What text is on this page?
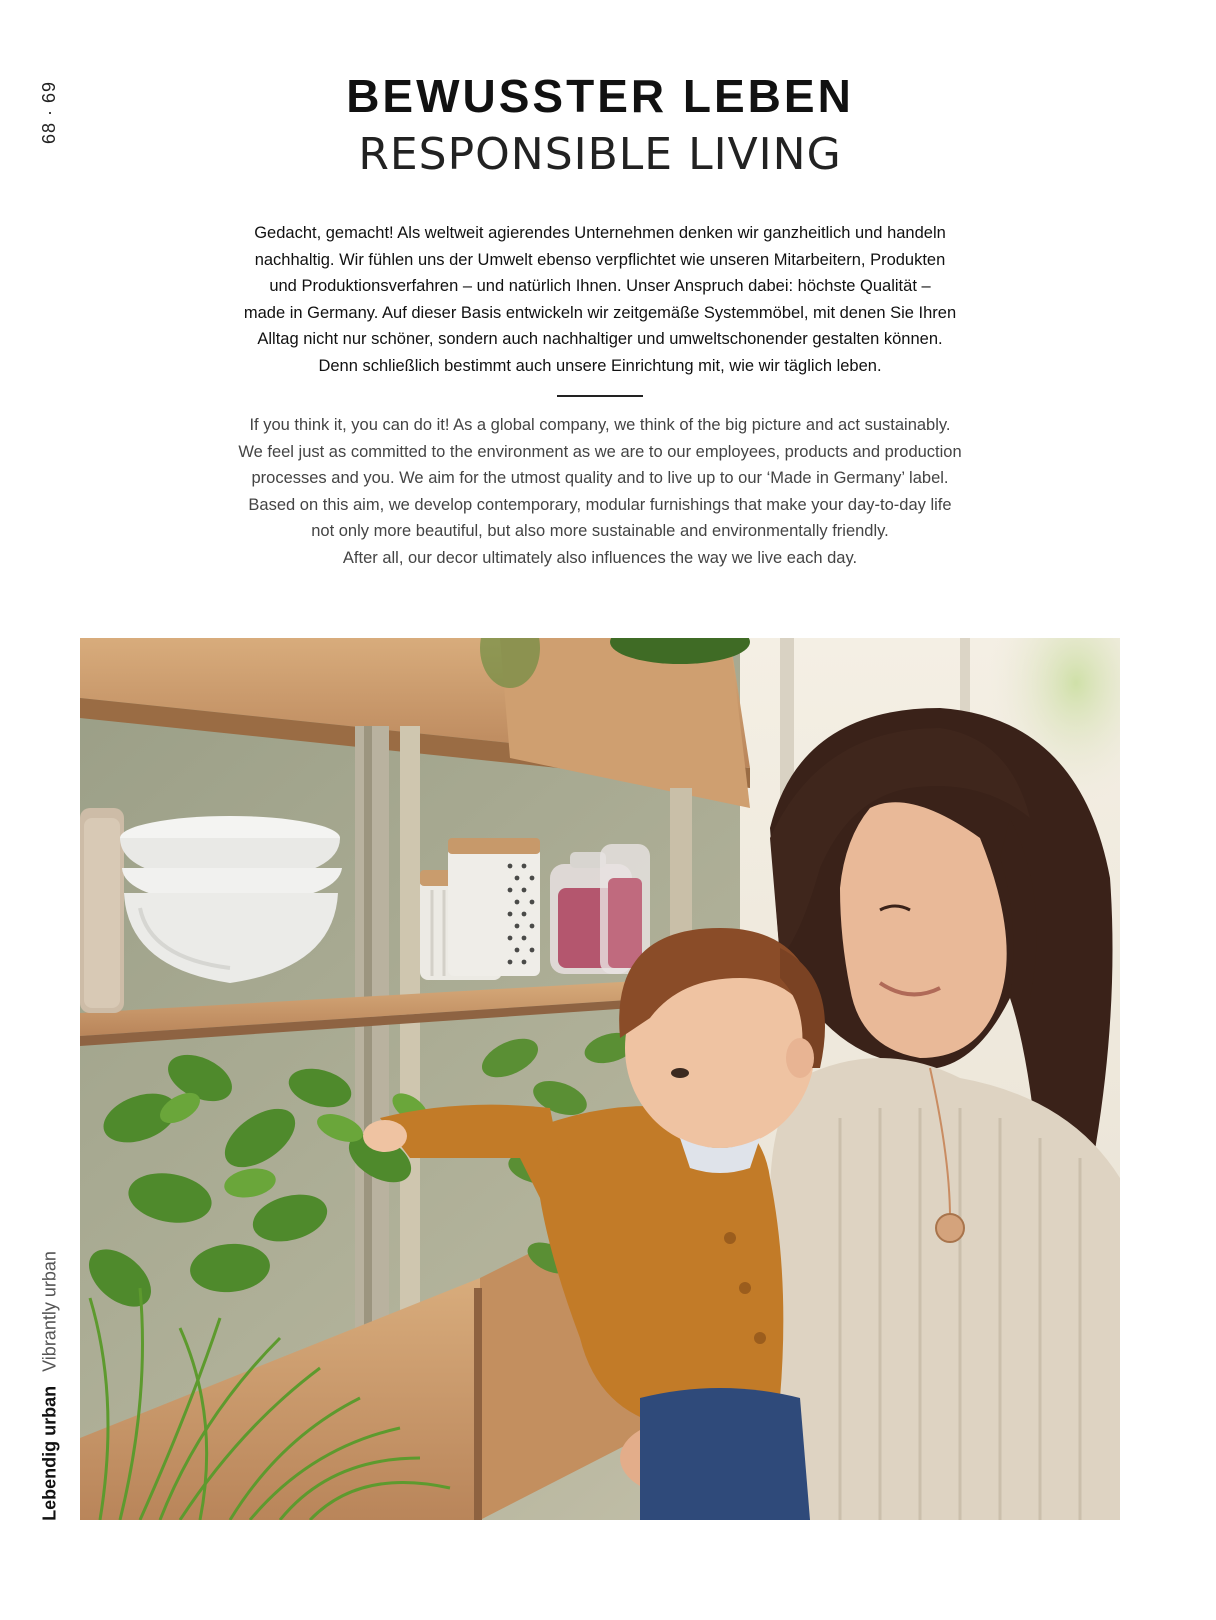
68 · 69
Lebendig urbanVibrantly urban
BEWUSSTER LEBEN
RESPONSIBLE LIVING
Gedacht, gemacht! Als weltweit agierendes Unternehmen denken wir ganzheitlich und handeln
nachhaltig. Wir fühlen uns der Umwelt ebenso verpflichtet wie unseren Mitarbeitern, Produkten
und Produktionsverfahren – und natürlich Ihnen. Unser Anspruch dabei: höchste Qualität –
made in Germany. Auf dieser Basis entwickeln wir zeitgemäße Systemmöbel, mit denen Sie Ihren
Alltag nicht nur schöner, sondern auch nachhaltiger und umweltschonender gestalten können.
Denn schließlich bestimmt auch unsere Einrichtung mit, wie wir täglich leben.
If you think it, you can do it! As a global company, we think of the big picture and act sustainably.
We feel just as committed to the environment as we are to our employees, products and production
processes and you. We aim for the utmost quality and to live up to our ‘Made in Germany’ label.
Based on this aim, we develop contemporary, modular furnishings that make your day-to-day life
not only more beautiful, but also more sustainable and environmentally friendly.
After all, our decor ultimately also influences the way we live each day.
